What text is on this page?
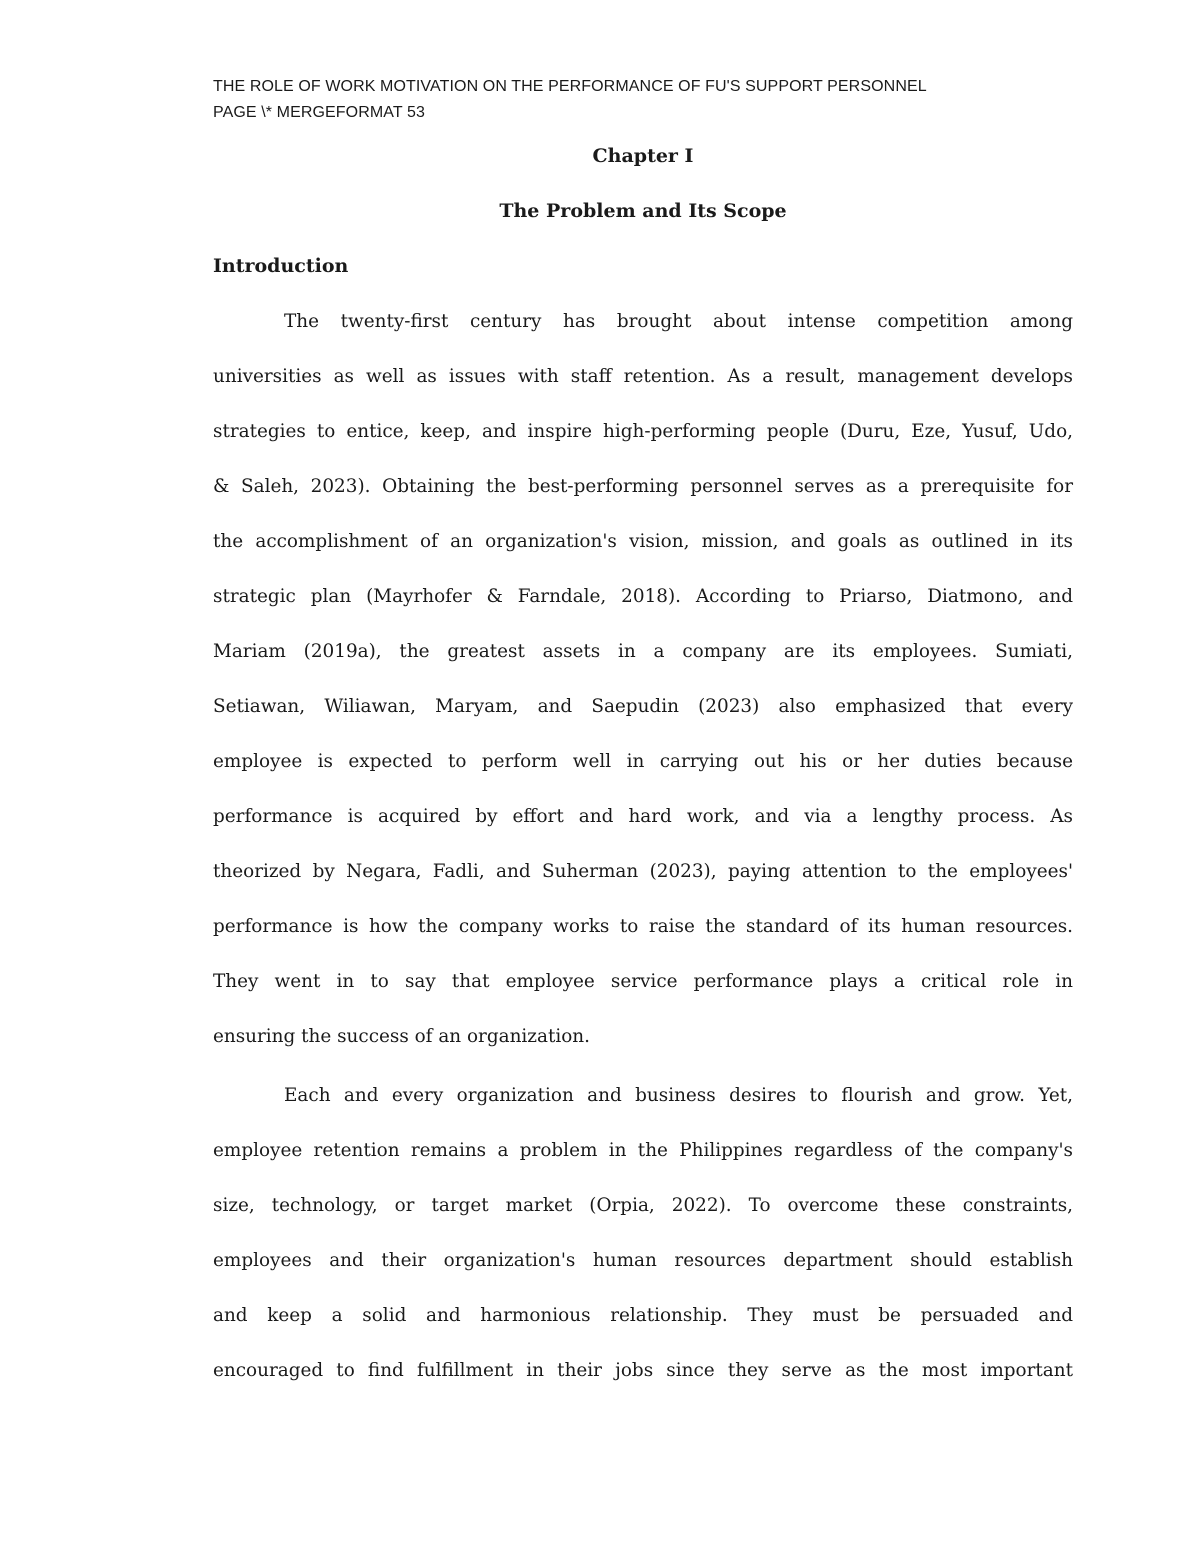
THE ROLE OF WORK MOTIVATION ON THE PERFORMANCE OF FU'S SUPPORT PERSONNEL
PAGE \* MERGEFORMAT 53
Chapter I
The Problem and Its Scope
Introduction
The twenty-first century has brought about intense competition among
universities as well as issues with staff retention. As a result, management develops
strategies to entice, keep, and inspire high-performing people (Duru, Eze, Yusuf, Udo,
& Saleh, 2023). Obtaining the best-performing personnel serves as a prerequisite for
the accomplishment of an organization's vision, mission, and goals as outlined in its
strategic plan (Mayrhofer & Farndale, 2018). According to Priarso, Diatmono, and
Mariam (2019a), the greatest assets in a company are its employees. Sumiati,
Setiawan, Wiliawan, Maryam, and Saepudin (2023) also emphasized that every
employee is expected to perform well in carrying out his or her duties because
performance is acquired by effort and hard work, and via a lengthy process. As
theorized by Negara, Fadli, and Suherman (2023), paying attention to the employees'
performance is how the company works to raise the standard of its human resources.
They went in to say that employee service performance plays a critical role in
ensuring the success of an organization.
Each and every organization and business desires to flourish and grow. Yet,
employee retention remains a problem in the Philippines regardless of the company's
size, technology, or target market (Orpia, 2022). To overcome these constraints,
employees and their organization's human resources department should establish
and keep a solid and harmonious relationship. They must be persuaded and
encouraged to find fulfillment in their jobs since they serve as the most important
